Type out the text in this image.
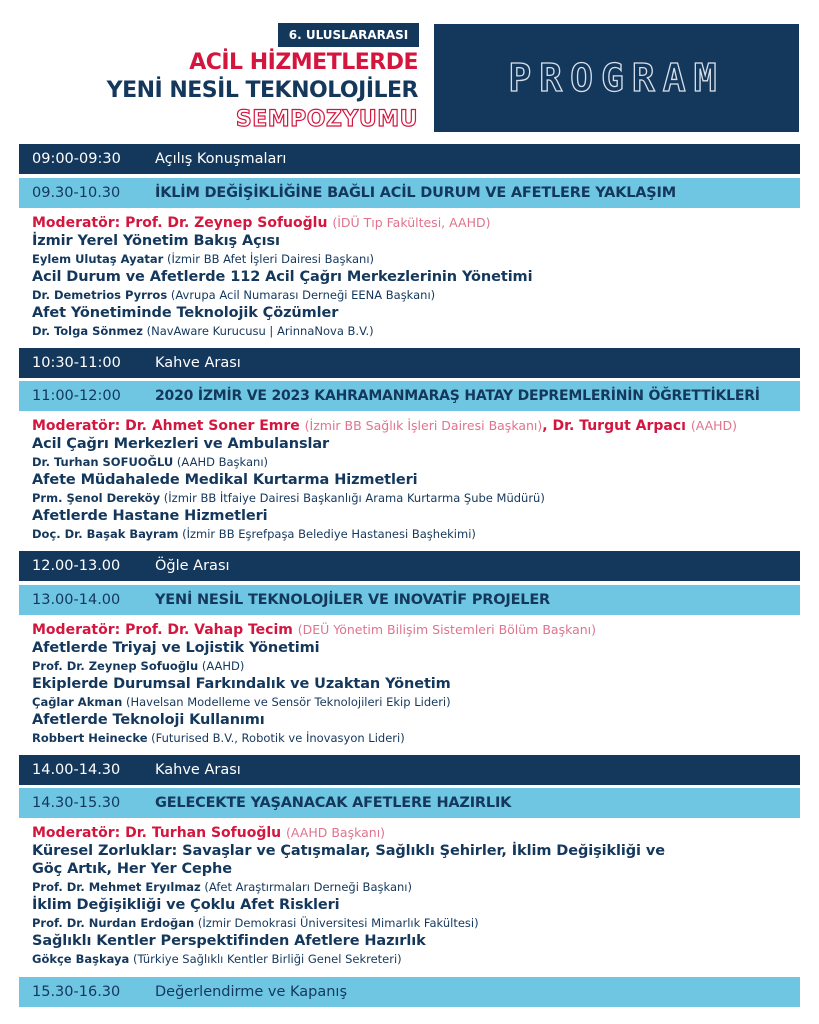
6. ULUSLARARASI
ACİL HİZMETLERDE
YENİ NESİL TEKNOLOJİLER
SEMPOZYUMU
PROGRAM
09:00-09:30	Açılış Konuşmaları
09.30-10.30	İKLİM DEĞİŞİKLİĞİNE BAĞLI ACİL DURUM VE AFETLERE YAKLAŞIM
Moderatör: Prof. Dr. Zeynep Sofuoğlu (İDÜ Tıp Fakültesi, AAHD)
İzmir Yerel Yönetim Bakış Açısı
Eylem Ulutaş Ayatar (İzmir BB Afet İşleri Dairesi Başkanı)
Acil Durum ve Afetlerde 112 Acil Çağrı Merkezlerinin Yönetimi
Dr. Demetrios Pyrros (Avrupa Acil Numarası Derneği EENA Başkanı)
Afet Yönetiminde Teknolojik Çözümler
Dr. Tolga Sönmez (NavAware Kurucusu | ArinnaNova B.V.)
10:30-11:00	Kahve Arası
11:00-12:00	2020 İZMİR VE 2023 KAHRAMANMARAŞ HATAY DEPREMLERİNİN ÖĞRETTİKLERİ
Moderatör: Dr. Ahmet Soner Emre (İzmir BB Sağlık İşleri Dairesi Başkanı), Dr. Turgut Arpacı (AAHD)
Acil Çağrı Merkezleri ve Ambulanslar
Dr. Turhan SOFUOĞLU (AAHD Başkanı)
Afete Müdahalede Medikal Kurtarma Hizmetleri
Prm. Şenol Dereköy (İzmir BB İtfaiye Dairesi Başkanlığı Arama Kurtarma Şube Müdürü)
Afetlerde Hastane Hizmetleri
Doç. Dr. Başak Bayram (İzmir BB Eşrefpaşa Belediye Hastanesi Başhekimi)
12.00-13.00	Öğle Arası
13.00-14.00	YENİ NESİL TEKNOLOJİLER VE INOVATİF PROJELER
Moderatör: Prof. Dr. Vahap Tecim (DEÜ Yönetim Bilişim Sistemleri Bölüm Başkanı)
Afetlerde Triyaj ve Lojistik Yönetimi
Prof. Dr. Zeynep Sofuoğlu (AAHD)
Ekiplerde Durumsal Farkındalık ve Uzaktan Yönetim
Çağlar Akman (Havelsan Modelleme ve Sensör Teknolojileri Ekip Lideri)
Afetlerde Teknoloji Kullanımı
Robbert Heinecke (Futurised B.V., Robotik ve İnovasyon Lideri)
14.00-14.30	Kahve Arası
14.30-15.30	GELECEKTE YAŞANACAK AFETLERE HAZIRLIK
Moderatör: Dr. Turhan Sofuoğlu (AAHD Başkanı)
Küresel Zorluklar: Savaşlar ve Çatışmalar, Sağlıklı Şehirler, İklim Değişikliği ve Göç Artık, Her Yer Cephe
Prof. Dr. Mehmet Eryılmaz (Afet Araştırmaları Derneği Başkanı)
İklim Değişikliği ve Çoklu Afet Riskleri
Prof. Dr. Nurdan Erdoğan (İzmir Demokrasi Üniversitesi Mimarlık Fakültesi)
Sağlıklı Kentler Perspektifinden Afetlere Hazırlık
Gökçe Başkaya (Türkiye Sağlıklı Kentler Birliği Genel Sekreteri)
15.30-16.30	Değerlendirme ve Kapanış
